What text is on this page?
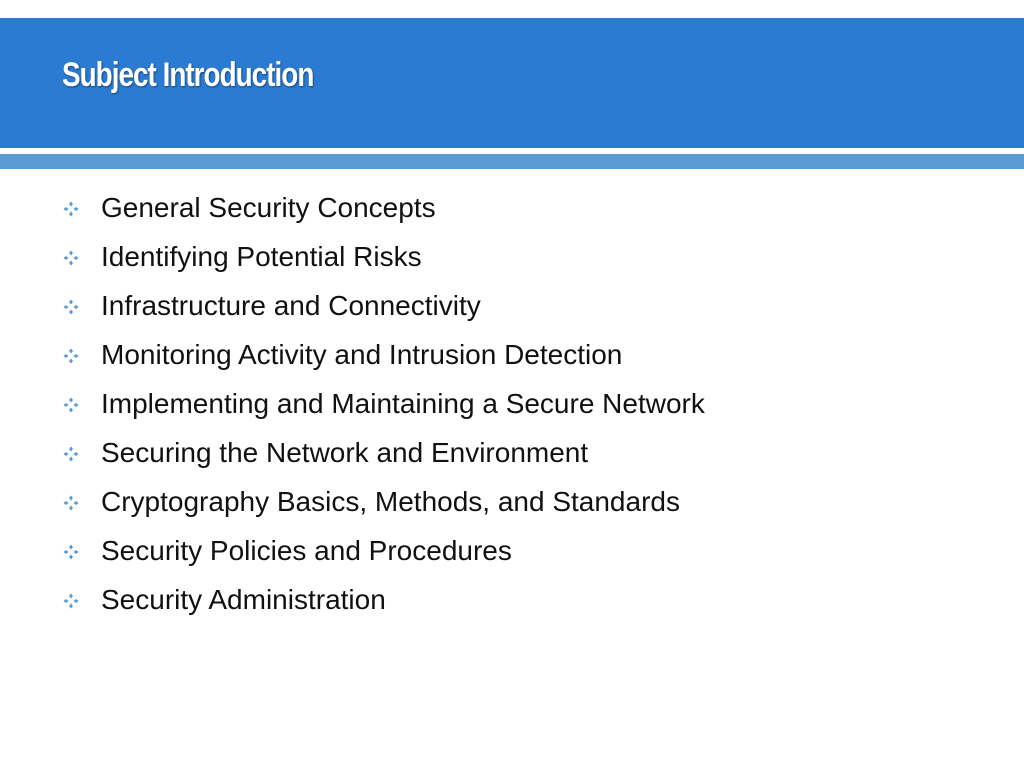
Subject Introduction
General Security Concepts
Identifying Potential Risks
Infrastructure and Connectivity
Monitoring Activity and Intrusion Detection
Implementing and Maintaining a Secure Network
Securing the Network and Environment
Cryptography Basics, Methods, and Standards
Security Policies and Procedures
Security Administration
